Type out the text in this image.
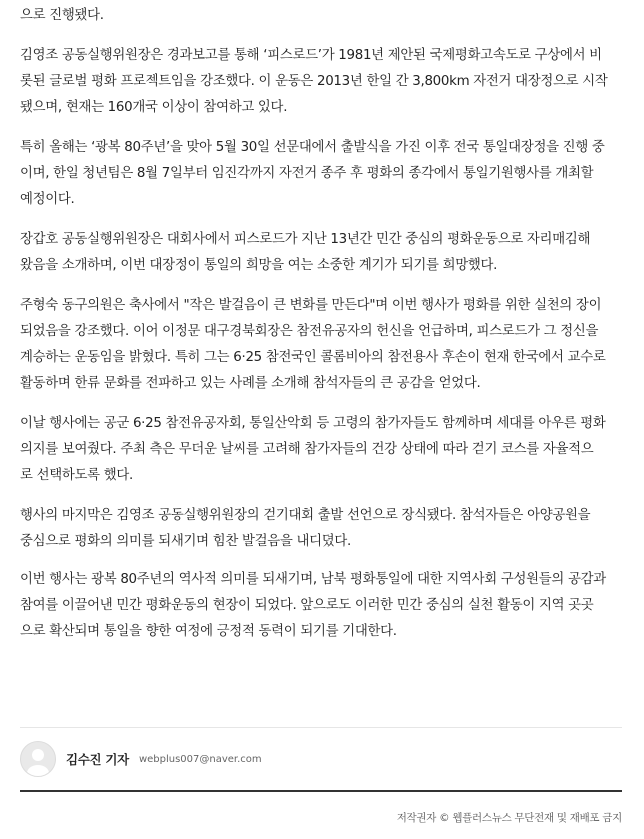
으로 진행됐다.

김영조 공동실행위원장은 경과보고를 통해 ‘피스로드’가 1981년 제안된 국제평화고속도로 구상에서 비

롯된 글로벌 평화 프로젝트임을 강조했다. 이 운동은 2013년 한일 간 3,800km 자전거 대장정으로 시작

됐으며, 현재는 160개국 이상이 참여하고 있다.

특히 올해는 ‘광복 80주년’을 맞아 5월 30일 선문대에서 출발식을 가진 이후 전국 통일대장정을 진행 중

이며, 한일 청년팀은 8월 7일부터 임진각까지 자전거 종주 후 평화의 종각에서 통일기원행사를 개최할

예정이다.

장갑호 공동실행위원장은 대회사에서 피스로드가 지난 13년간 민간 중심의 평화운동으로 자리매김해

왔음을 소개하며, 이번 대장정이 통일의 희망을 여는 소중한 계기가 되기를 희망했다.

주형숙 동구의원은 축사에서 "작은 발걸음이 큰 변화를 만든다"며 이번 행사가 평화를 위한 실천의 장이

되었음을 강조했다. 이어 이정문 대구경북회장은 참전유공자의 헌신을 언급하며, 피스로드가 그 정신을

계승하는 운동임을 밝혔다. 특히 그는 6·25 참전국인 콜롬비아의 참전용사 후손이 현재 한국에서 교수로

활동하며 한류 문화를 전파하고 있는 사례를 소개해 참석자들의 큰 공감을 얻었다.

이날 행사에는 공군 6·25 참전유공자회, 통일산악회 등 고령의 참가자들도 함께하며 세대를 아우른 평화

의지를 보여줬다. 주최 측은 무더운 날씨를 고려해 참가자들의 건강 상태에 따라 걷기 코스를 자율적으

로 선택하도록 했다.

행사의 마지막은 김영조 공동실행위원장의 걷기대회 출발 선언으로 장식됐다. 참석자들은 아양공원을

중심으로 평화의 의미를 되새기며 힘찬 발걸음을 내디뎠다.

이번 행사는 광복 80주년의 역사적 의미를 되새기며, 남북 평화통일에 대한 지역사회 구성원들의 공감과

참여를 이끌어낸 민간 평화운동의 현장이 되었다. 앞으로도 이러한 민간 중심의 실천 활동이 지역 곳곳

으로 확산되며 통일을 향한 여정에 긍정적 동력이 되기를 기대한다.

김수진 기자 webplus007@naver.com
저작권자 © 웹플러스뉴스 무단전재 및 재배포 금지
